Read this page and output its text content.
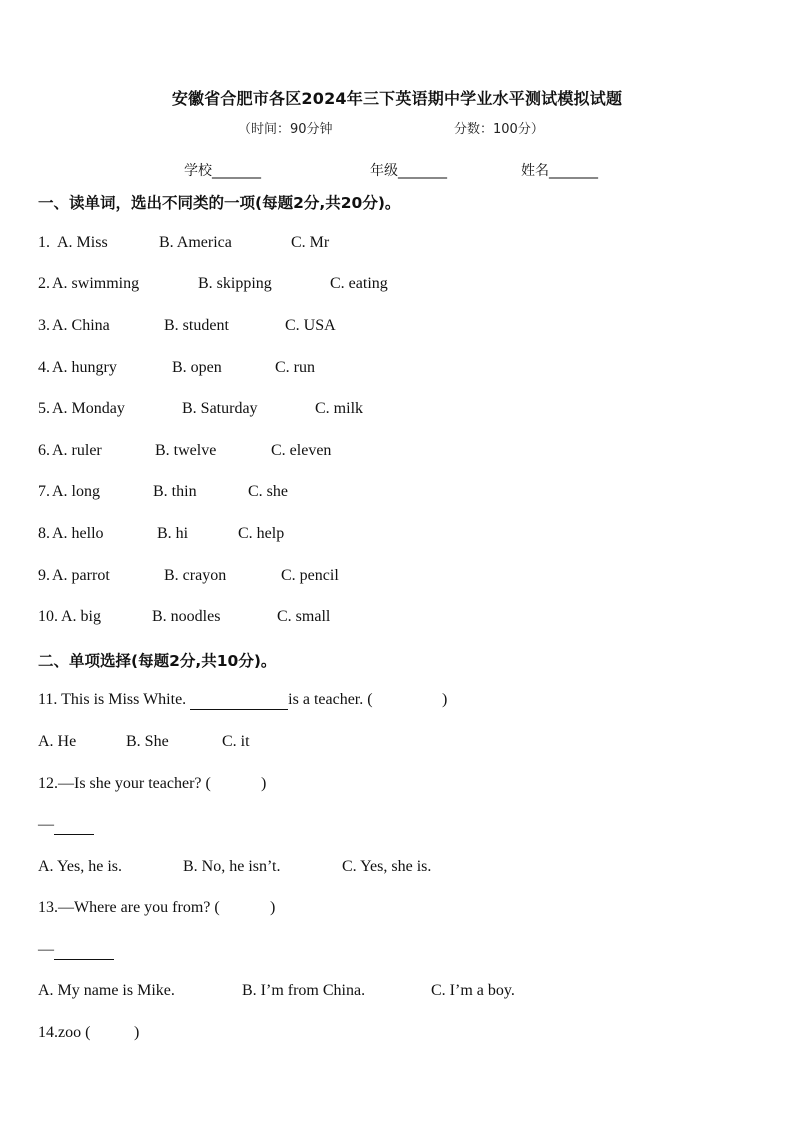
安徽省合肥市各区2024年三下英语期中学业水平测试模拟试题
（时间：90分钟	分数：100分）
学校_______	年级_______	姓名_______
一、读单词，选出不同类的一项(每题2分,共20分)。
1. A. Miss	B. America	C. Mr
2. A. swimming	B. skipping	C. eating
3. A. China	B. student	C. USA
4. A. hungry	B. open	C. run
5. A. Monday	B. Saturday	C. milk
6. A. ruler	B. twelve	C. eleven
7. A. long	B. thin	C. she
8. A. hello	B. hi	C. help
9. A. parrot	B. crayon	C. pencil
10. A. big	B. noodles	C. small
二、单项选择(每题2分,共10分)。
11. This is Miss White.	is a teacher. (	)
A. He	B. She	C. it
12.—Is she your teacher? (	)
—
A. Yes, he is.	B. No, he isn’t.	C. Yes, she is.
13.—Where are you from? (	)
—
A. My name is Mike.	B. I’m from China.	C. I’m a boy.
14.zoo (	)
